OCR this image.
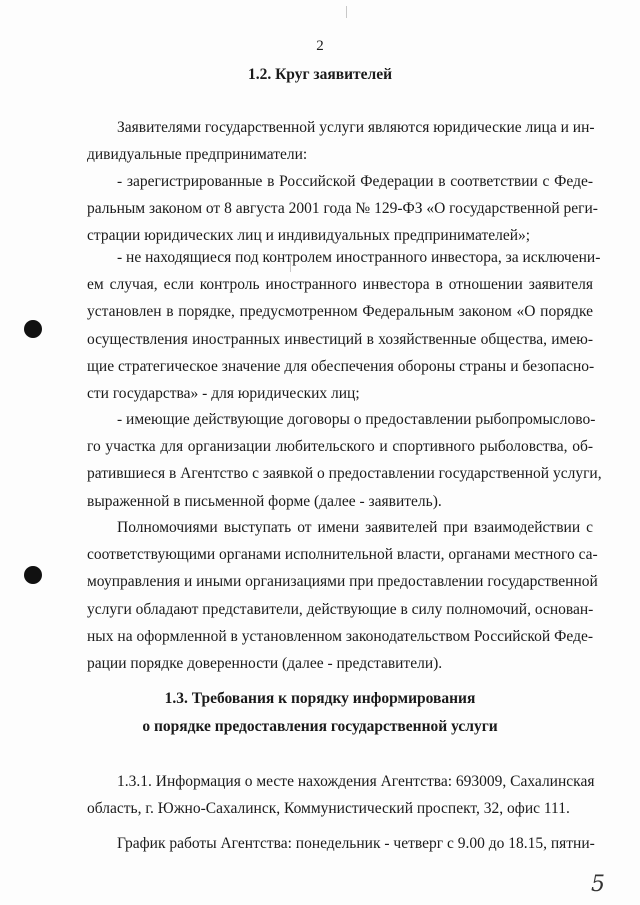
2
1.2. Круг заявителей
Заявителями государственной услуги являются юридические лица и ин-
дивидуальные предприниматели:
- зарегистрированные в Российской Федерации в соответствии с Феде-
ральным законом от 8 августа 2001 года № 129-ФЗ «О государственной реги-
страции юридических лиц и индивидуальных предпринимателей»;
- не находящиеся под контролем иностранного инвестора, за исключени-
ем случая, если контроль иностранного инвестора в отношении заявителя
установлен в порядке, предусмотренном Федеральным законом «О порядке
осуществления иностранных инвестиций в хозяйственные общества, имею-
щие стратегическое значение для обеспечения обороны страны и безопасно-
сти государства» - для юридических лиц;
- имеющие действующие договоры о предоставлении рыбопромыслово-
го участка для организации любительского и спортивного рыболовства, об-
ратившиеся в Агентство с заявкой о предоставлении государственной услуги,
выраженной в письменной форме (далее - заявитель).
Полномочиями выступать от имени заявителей при взаимодействии с
соответствующими органами исполнительной власти, органами местного са-
моуправления и иными организациями при предоставлении государственной
услуги обладают представители, действующие в силу полномочий, основан-
ных на оформленной в установленном законодательством Российской Феде-
рации порядке доверенности (далее - представители).
1.3. Требования к порядку информирования
о порядке предоставления государственной услуги
1.3.1. Информация о месте нахождения Агентства: 693009, Сахалинская
область, г. Южно-Сахалинск, Коммунистический проспект, 32, офис 111.
График работы Агентства: понедельник - четверг с 9.00 до 18.15, пятни-
5
